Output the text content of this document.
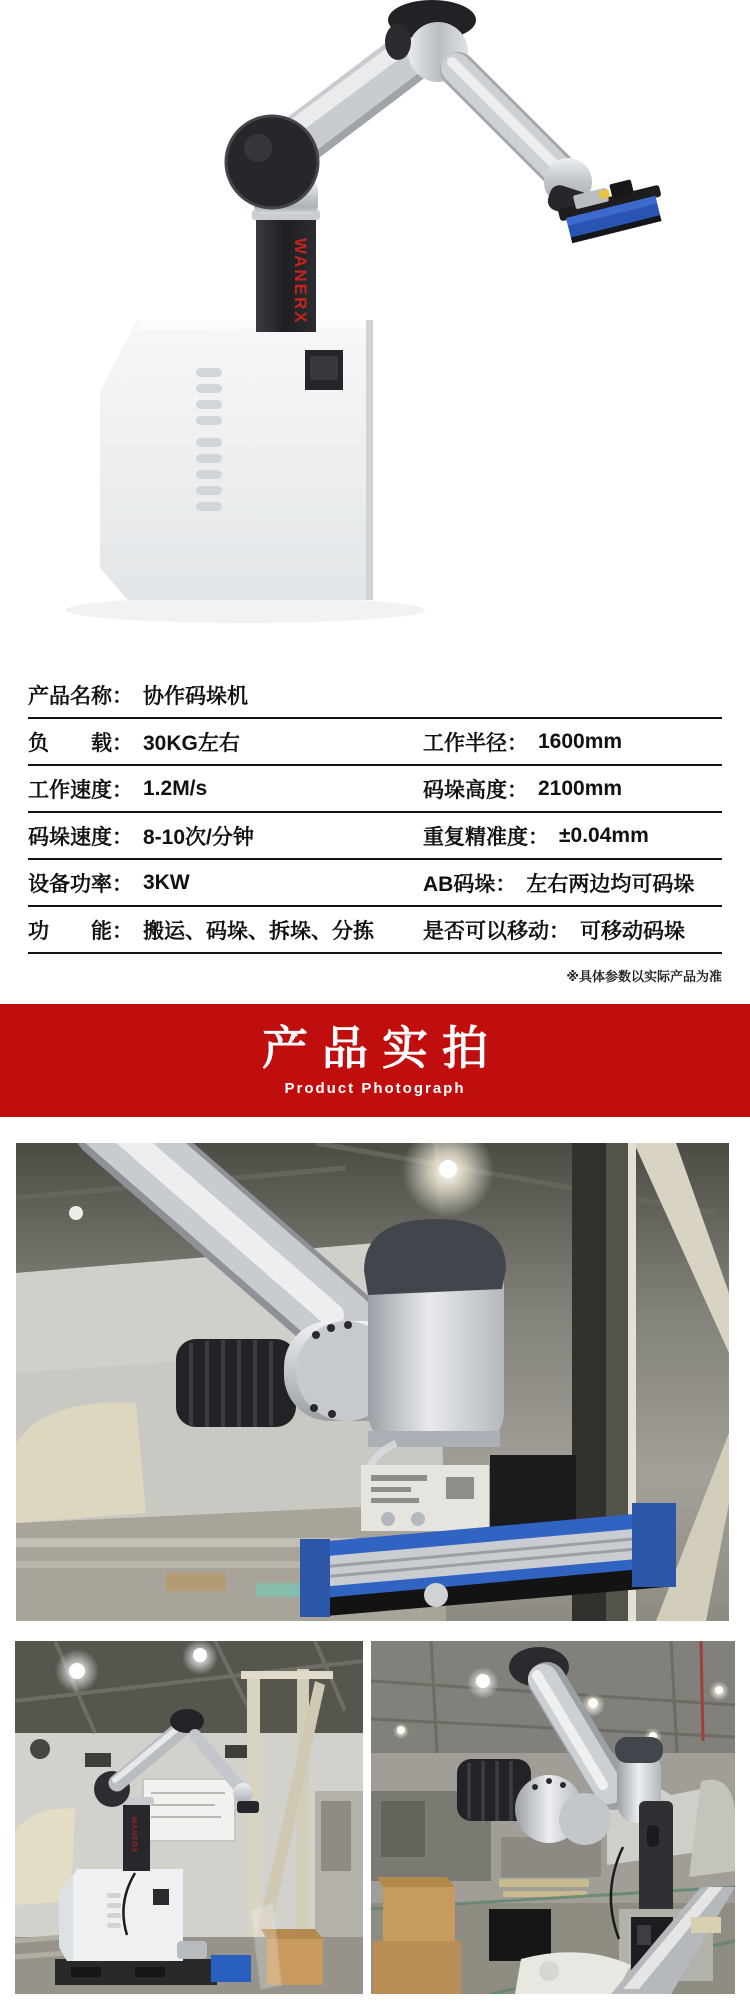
WANERX
产品名称： 协作码垛机
负　　载： 30KG左右	工作半径： 1600mm
工作速度： 1.2M/s	码垛高度： 2100mm
码垛速度： 8-10次/分钟	重复精准度： ±0.04mm
设备功率： 3KW	AB码垛： 左右两边均可码垛
功　　能： 搬运、码垛、拆垛、分拣 是否可以移动： 可移动码垛
※具体参数以实际产品为准
产品实拍
Product Photograph
WANERX
